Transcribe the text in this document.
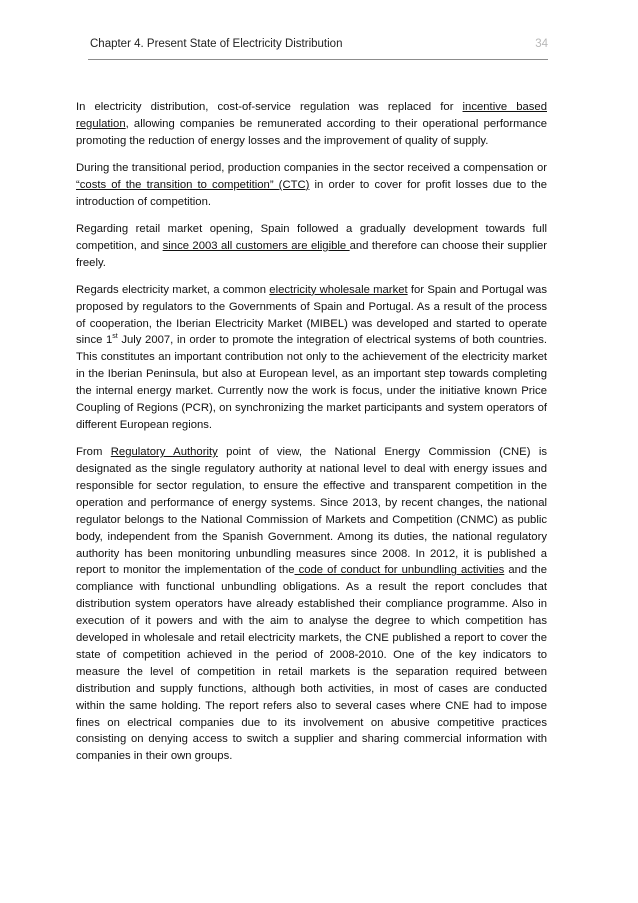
Chapter 4. Present State of Electricity Distribution	34

In electricity distribution, cost-of-service regulation was replaced for incentive based regulation, allowing companies be remunerated according to their operational performance promoting the reduction of energy losses and the improvement of quality of supply.

During the transitional period, production companies in the sector received a compensation or “costs of the transition to competition” (CTC) in order to cover for profit losses due to the introduction of competition.

Regarding retail market opening, Spain followed a gradually development towards full competition, and since 2003 all customers are eligible and therefore can choose their supplier freely.

Regards electricity market, a common electricity wholesale market for Spain and Portugal was proposed by regulators to the Governments of Spain and Portugal. As a result of the process of cooperation, the Iberian Electricity Market (MIBEL) was developed and started to operate since 1st July 2007, in order to promote the integration of electrical systems of both countries. This constitutes an important contribution not only to the achievement of the electricity market in the Iberian Peninsula, but also at European level, as an important step towards completing the internal energy market. Currently now the work is focus, under the initiative known Price Coupling of Regions (PCR), on synchronizing the market participants and system operators of different European regions.

From Regulatory Authority point of view, the National Energy Commission (CNE) is designated as the single regulatory authority at national level to deal with energy issues and responsible for sector regulation, to ensure the effective and transparent competition in the operation and performance of energy systems. Since 2013, by recent changes, the national regulator belongs to the National Commission of Markets and Competition (CNMC) as public body, independent from the Spanish Government. Among its duties, the national regulatory authority has been monitoring unbundling measures since 2008. In 2012, it is published a report to monitor the implementation of the code of conduct for unbundling activities and the compliance with functional unbundling obligations. As a result the report concludes that distribution system operators have already established their compliance programme. Also in execution of it powers and with the aim to analyse the degree to which competition has developed in wholesale and retail electricity markets, the CNE published a report to cover the state of competition achieved in the period of 2008-2010. One of the key indicators to measure the level of competition in retail markets is the separation required between distribution and supply functions, although both activities, in most of cases are conducted within the same holding. The report refers also to several cases where CNE had to impose fines on electrical companies due to its involvement on abusive competitive practices consisting on denying access to switch a supplier and sharing commercial information with companies in their own groups.
